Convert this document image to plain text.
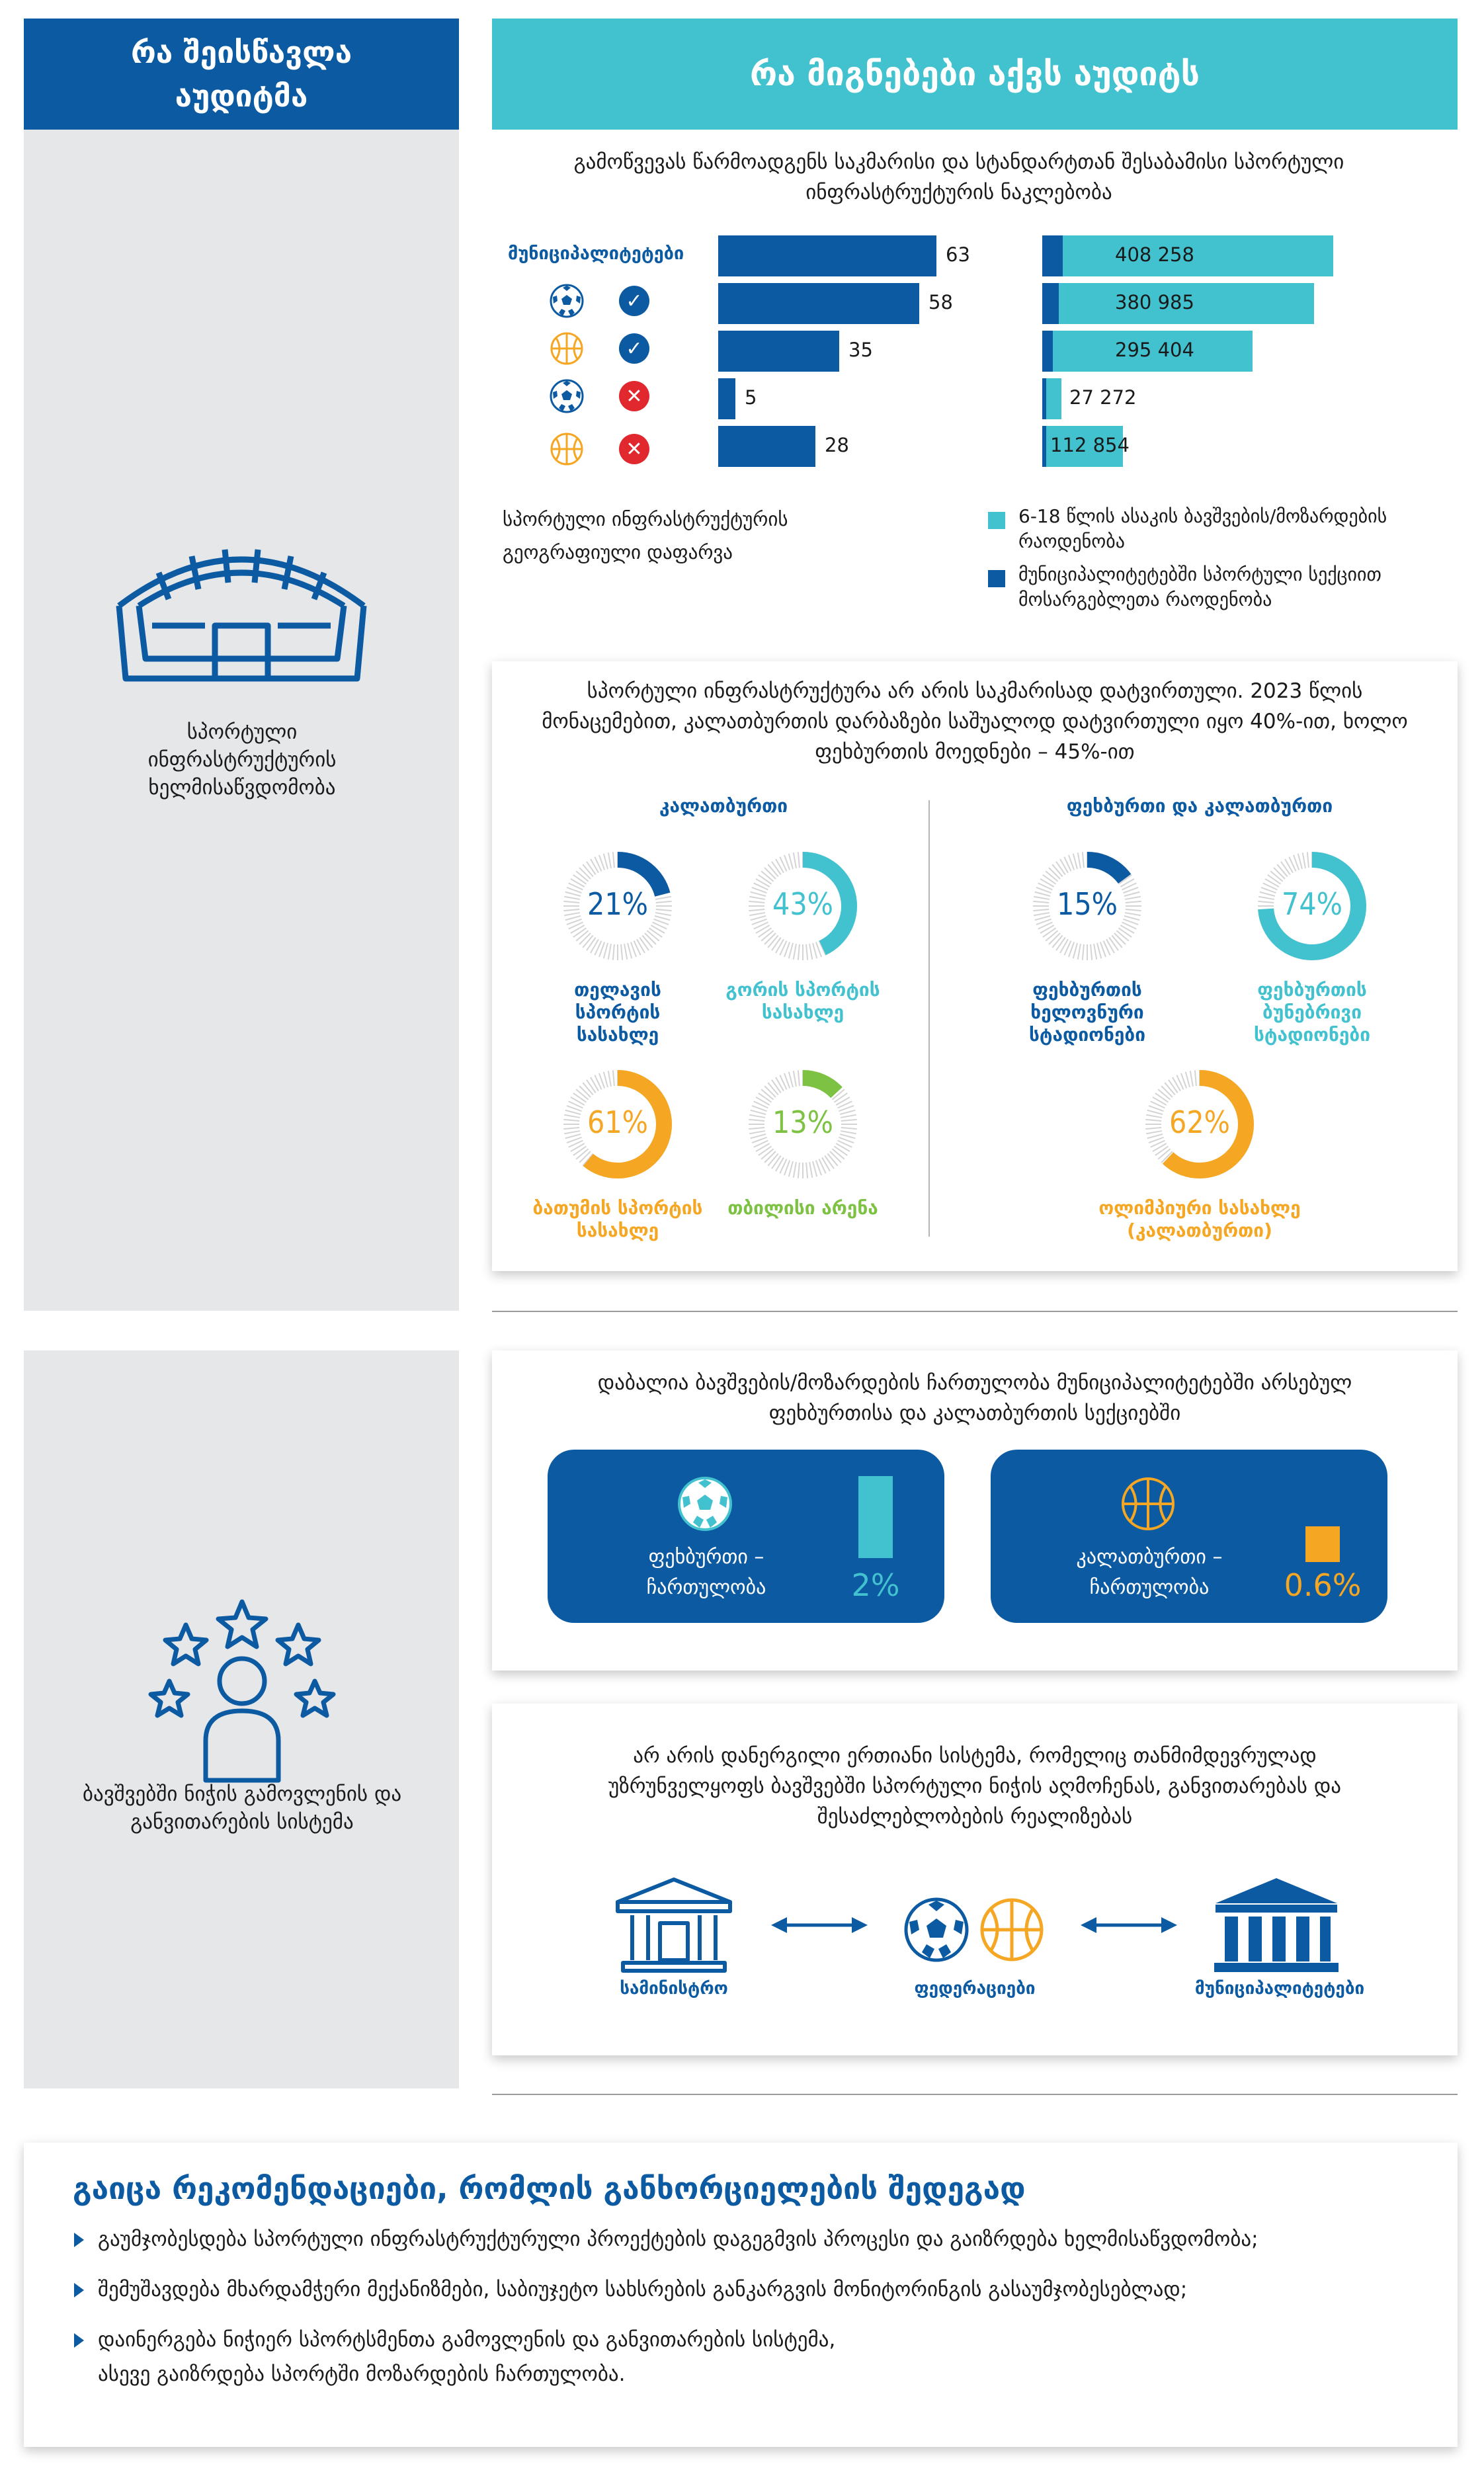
რა შეისწავლა აუდიტმა
რა მიგნებები აქვს აუდიტს
სპორტული ინფრასტრუქტურის ხელმისაწვდომობა
გამოწვევას წარმოადგენს საკმარისი და სტანდარტთან შესაბამისი სპორტული ინფრასტრუქტურის ნაკლებობა
მუნიციპალიტეტები
✓
✓
✕
✕
63	408 258
58	380 985
35	295 404
5	27 272
28	112 854
სპორტული ინფრასტრუქტურის გეოგრაფიული დაფარვა
6-18 წლის ასაკის ბავშვების/მოზარდების რაოდენობა
მუნიციპალიტეტებში სპორტული სექციით მოსარგებლეთა რაოდენობა
სპორტული ინფრასტრუქტურა არ არის საკმარისად დატვირთული. 2023 წლის მონაცემებით, კალათბურთის დარბაზები საშუალოდ დატვირთული იყო 40%-ით, ხოლო ფეხბურთის მოედნები – 45%-ით
კალათბურთი	ფეხბურთი და კალათბურთი
21%
თელავის სპორტის სასახლე
43%
გორის სპორტის სასახლე
61%
ბათუმის სპორტის სასახლე
13%
თბილისი არენა
15%
ფეხბურთის ხელოვნური სტადიონები
74%
ფეხბურთის ბუნებრივი სტადიონები
62%
ოლიმპიური სასახლე (კალათბურთი)
ბავშვებში ნიჭის გამოვლენის და განვითარების სისტემა
დაბალია ბავშვების/მოზარდების ჩართულობა მუნიციპალიტეტებში არსებულ ფეხბურთისა და კალათბურთის სექციებში
ფეხბურთი – ჩართულობა	2%
კალათბურთი – ჩართულობა	0.6%
არ არის დანერგილი ერთიანი სისტემა, რომელიც თანმიმდევრულად უზრუნველყოფს ბავშვებში სპორტული ნიჭის აღმოჩენას, განვითარებას და შესაძლებლობების რეალიზებას
სამინისტრო	ფედერაციები	მუნიციპალიტეტები
გაიცა რეკომენდაციები, რომლის განხორციელების შედეგად
გაუმჯობესდება სპორტული ინფრასტრუქტურული პროექტების დაგეგმვის პროცესი და გაიზრდება ხელმისაწვდომობა;
შემუშავდება მხარდამჭერი მექანიზმები, საბიუჯეტო სახსრების განკარგვის მონიტორინგის გასაუმჯობესებლად;
დაინერგება ნიჭიერ სპორტსმენთა გამოვლენის და განვითარების სისტემა, ასევე გაიზრდება სპორტში მოზარდების ჩართულობა.
